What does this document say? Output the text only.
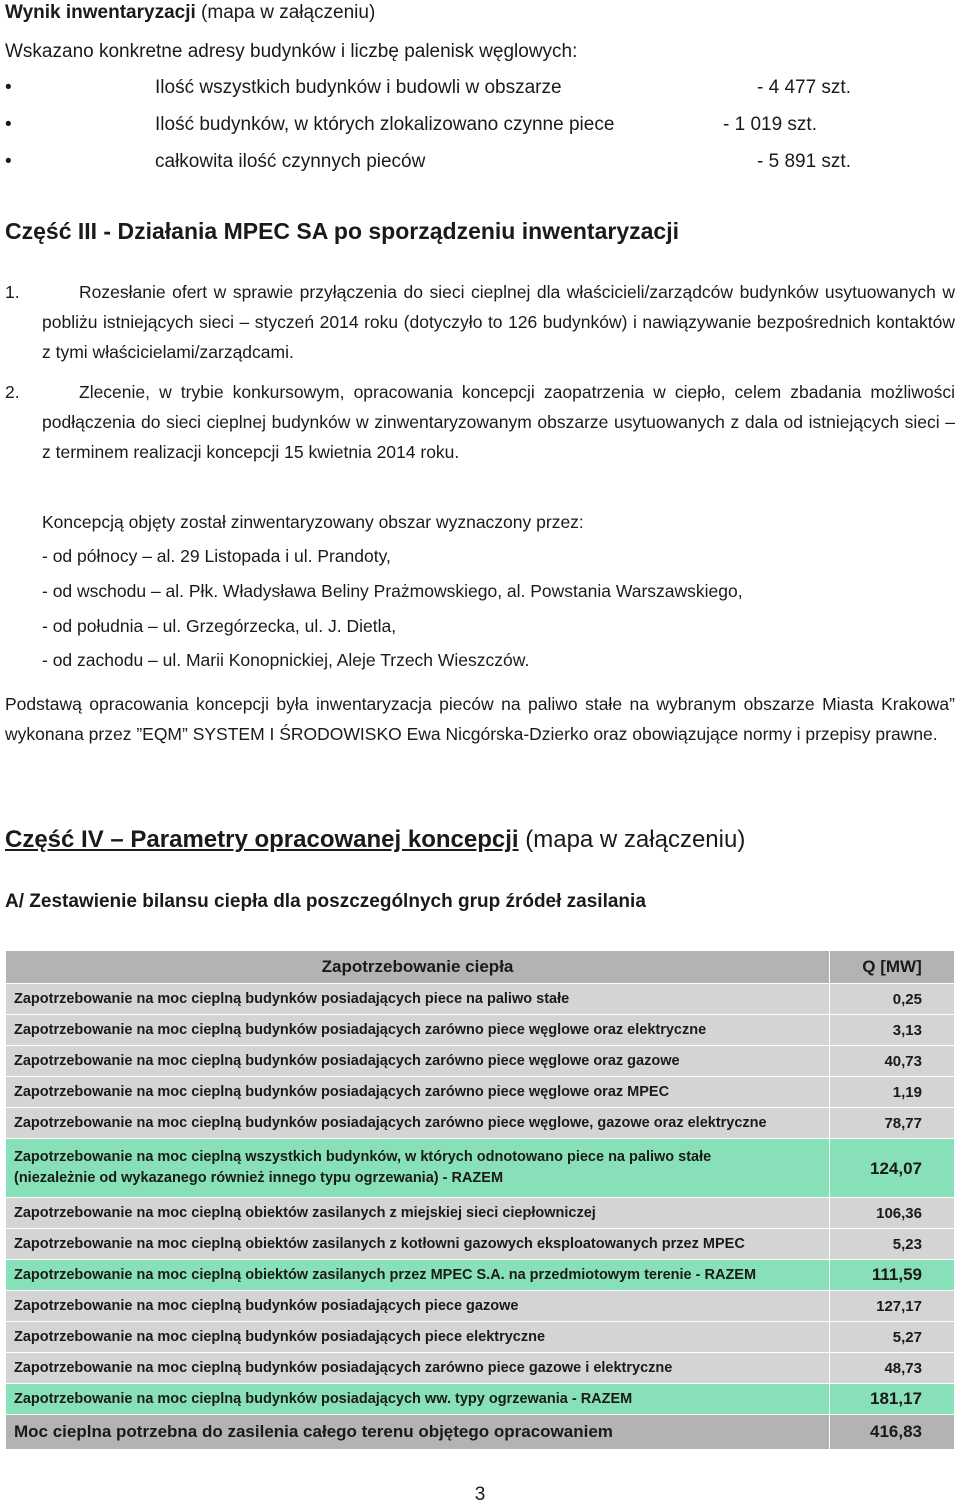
Wynik inwentaryzacji (mapa w załączeniu)
Wskazano konkretne adresy budynków i liczbę palenisk węglowych:
•	Ilość wszystkich budynków i budowli w obszarze	- 4 477 szt.
•	Ilość budynków, w których zlokalizowano czynne piece	- 1 019 szt.
•	całkowita ilość czynnych pieców	- 5 891 szt.
Część III - Działania MPEC SA po sporządzeniu inwentaryzacji
1.	Rozesłanie ofert w sprawie przyłączenia do sieci cieplnej dla właścicieli/zarządców budynków usytuowanych w pobliżu istniejących sieci – styczeń 2014 roku (dotyczyło to 126 budynków) i nawiązywanie bezpośrednich kontaktów z tymi właścicielami/zarządcami.
2.	Zlecenie, w trybie konkursowym, opracowania koncepcji zaopatrzenia w ciepło, celem zbadania możliwości podłączenia do sieci cieplnej budynków w zinwentaryzowanym obszarze usytuowanych z dala od istniejących sieci – z terminem realizacji koncepcji 15 kwietnia 2014 roku.
Koncepcją objęty został zinwentaryzowany obszar wyznaczony przez:
- od północy – al. 29 Listopada i ul. Prandoty,
- od wschodu – al. Płk. Władysława Beliny Prażmowskiego, al. Powstania Warszawskiego,
- od południa – ul. Grzegórzecka, ul. J. Dietla,
- od zachodu – ul. Marii Konopnickiej, Aleje Trzech Wieszczów.
Podstawą opracowania koncepcji była inwentaryzacja pieców na paliwo stałe na wybranym obszarze Miasta Krakowa” wykonana przez ”EQM” SYSTEM I ŚRODOWISKO Ewa Nicgórska-Dzierko oraz obowiązujące normy i przepisy prawne.
Część IV – Parametry opracowanej koncepcji (mapa w załączeniu)
A/ Zestawienie bilansu ciepła dla poszczególnych grup źródeł zasilania
Zapotrzebowanie ciepła	Q [MW]
Zapotrzebowanie na moc cieplną budynków posiadających piece na paliwo stałe	0,25
Zapotrzebowanie na moc cieplną budynków posiadających zarówno piece węglowe oraz elektryczne	3,13
Zapotrzebowanie na moc cieplną budynków posiadających zarówno piece węglowe oraz gazowe	40,73
Zapotrzebowanie na moc cieplną budynków posiadających zarówno piece węglowe oraz MPEC	1,19
Zapotrzebowanie na moc cieplną budynków posiadających zarówno piece węglowe, gazowe oraz elektryczne	78,77
Zapotrzebowanie na moc cieplną wszystkich budynków, w których odnotowano piece na paliwo stałe
(niezależnie od wykazanego również innego typu ogrzewania) - RAZEM	124,07
Zapotrzebowanie na moc cieplną obiektów zasilanych z miejskiej sieci ciepłowniczej	106,36
Zapotrzebowanie na moc cieplną obiektów zasilanych z kotłowni gazowych eksploatowanych przez MPEC	5,23
Zapotrzebowanie na moc cieplną obiektów zasilanych przez MPEC S.A. na przedmiotowym terenie - RAZEM	111,59
Zapotrzebowanie na moc cieplną budynków posiadających piece gazowe	127,17
Zapotrzebowanie na moc cieplną budynków posiadających piece elektryczne	5,27
Zapotrzebowanie na moc cieplną budynków posiadających zarówno piece gazowe i elektryczne	48,73
Zapotrzebowanie na moc cieplną budynków posiadających ww. typy ogrzewania - RAZEM	181,17
Moc cieplna potrzebna do zasilenia całego terenu objętego opracowaniem	416,83
3
